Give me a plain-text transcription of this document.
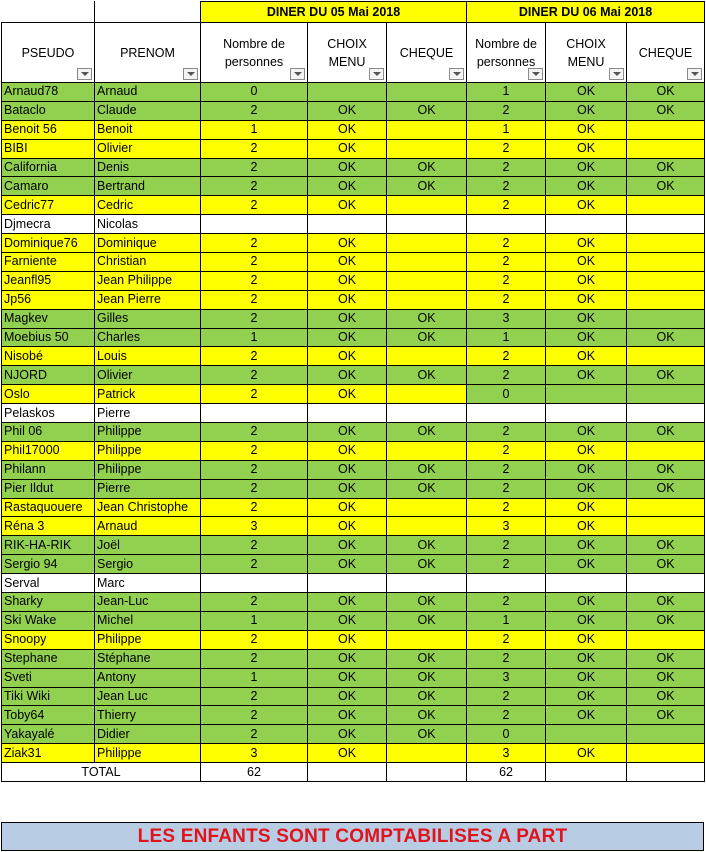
		DINER DU 05 Mai 2018			DINER DU 06 Mai 2018		
PSEUDO	PRENOM	Nombre de personnes	CHOIX MENU	CHEQUE	Nombre de personnes	CHOIX MENU	CHEQUE

Arnaud78	Arnaud	0			1	OK	OK
Bataclo	Claude	2	OK	OK	2	OK	OK
Benoit 56	Benoit	1	OK		1	OK	
BIBI	Olivier	2	OK		2	OK	
California	Denis	2	OK	OK	2	OK	OK
Camaro	Bertrand	2	OK	OK	2	OK	OK
Cedric77	Cedric	2	OK		2	OK	
Djmecra	Nicolas						
Dominique76	Dominique	2	OK		2	OK	
Farniente	Christian	2	OK		2	OK	
Jeanfl95	Jean Philippe	2	OK		2	OK	
Jp56	Jean Pierre	2	OK		2	OK	
Magkev	Gilles	2	OK	OK	3	OK	
Moebius 50	Charles	1	OK	OK	1	OK	OK
Nisobé	Louis	2	OK		2	OK	
NJORD	Olivier	2	OK	OK	2	OK	OK
Oslo	Patrick	2	OK		0		
Pelaskos	Pierre						
Phil 06	Philippe	2	OK	OK	2	OK	OK
Phil17000	Philippe	2	OK		2	OK	
Philann	Philippe	2	OK	OK	2	OK	OK
Pier Ildut	Pierre	2	OK	OK	2	OK	OK
Rastaquouere	Jean Christophe	2	OK		2	OK	
Réna 3	Arnaud	3	OK		3	OK	
RIK-HA-RIK	Joël	2	OK	OK	2	OK	OK
Sergio 94	Sergio	2	OK	OK	2	OK	OK
Serval	Marc						
Sharky	Jean-Luc	2	OK	OK	2	OK	OK
Ski Wake	Michel	1	OK	OK	1	OK	OK
Snoopy	Philippe	2	OK		2	OK	
Stephane	Stéphane	2	OK	OK	2	OK	OK
Sveti	Antony	1	OK	OK	3	OK	OK
Tiki Wiki	Jean Luc	2	OK	OK	2	OK	OK
Toby64	Thierry	2	OK	OK	2	OK	OK
Yakayalé	Didier	2	OK	OK	0		
Ziak31	Philippe	3	OK		3	OK	
TOTAL		62			62		
LES ENFANTS SONT COMPTABILISES A PART
